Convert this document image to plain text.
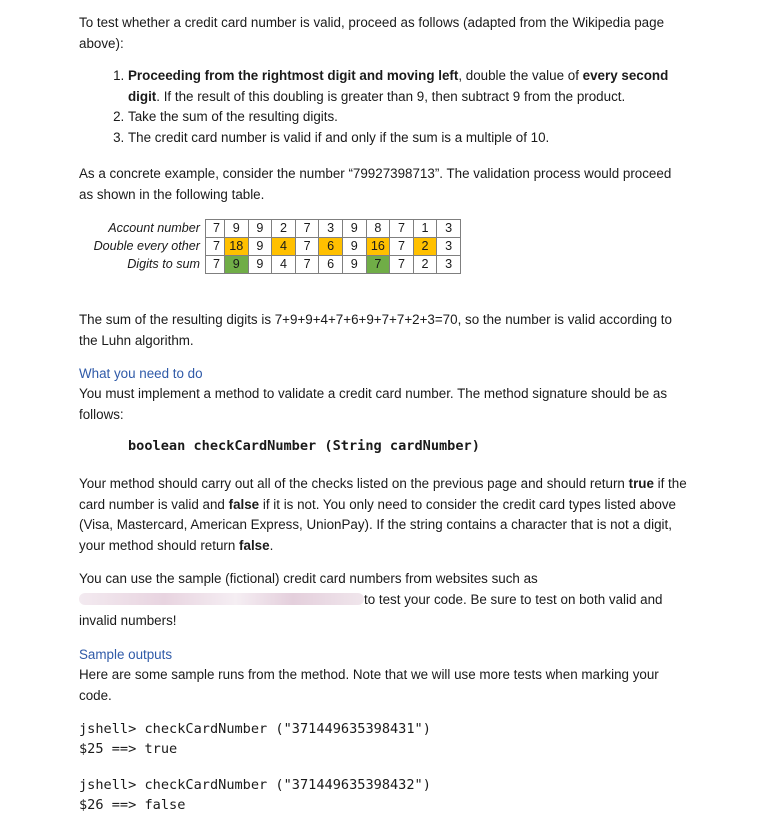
To test whether a credit card number is valid, proceed as follows (adapted from the Wikipedia page above):

1. Proceeding from the rightmost digit and moving left, double the value of every second digit. If the result of this doubling is greater than 9, then subtract 9 from the product.
2. Take the sum of the resulting digits.
3. The credit card number is valid if and only if the sum is a multiple of 10.

As a concrete example, consider the number “79927398713”. The validation process would proceed as shown in the following table.

Account number	7	9	9	2	7	3	9	8	7	1	3
Double every other	7	18	9	4	7	6	9	16	7	2	3
Digits to sum	7	9	9	4	7	6	9	7	7	2	3

The sum of the resulting digits is 7+9+9+4+7+6+9+7+7+2+3=70, so the number is valid according to the Luhn algorithm.

What you need to do

You must implement a method to validate a credit card number. The method signature should be as follows:

boolean checkCardNumber (String cardNumber)

Your method should carry out all of the checks listed on the previous page and should return true if the card number is valid and false if it is not. You only need to consider the credit card types listed above (Visa, Mastercard, American Express, UnionPay). If the string contains a character that is not a digit, your method should return false.

You can use the sample (fictional) credit card numbers from websites such as

to test your code. Be sure to test on both valid and

invalid numbers!

Sample outputs

Here are some sample runs from the method. Note that we will use more tests when marking your code.

jshell> checkCardNumber ("371449635398431")
$25 ==> true
jshell> checkCardNumber ("371449635398432")
$26 ==> false
